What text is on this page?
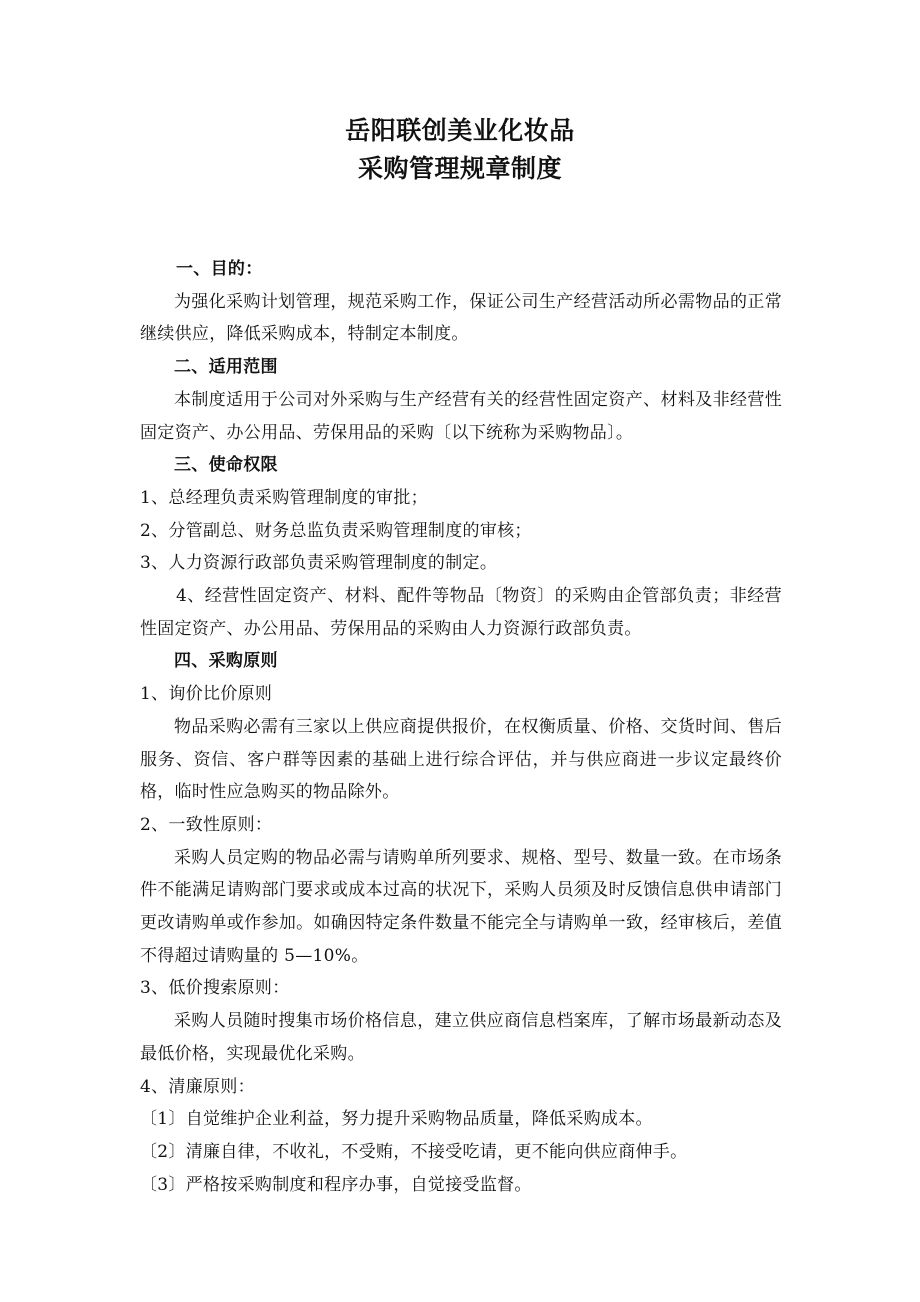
岳阳联创美业化妆品
采购管理规章制度

一、目的：

为强化采购计划管理，规范采购工作，保证公司生产经营活动所必需物品的正常继续供应，降低采购成本，特制定本制度。

二、适用范围

本制度适用于公司对外采购与生产经营有关的经营性固定资产、材料及非经营性固定资产、办公用品、劳保用品的采购〔以下统称为采购物品〕。

三、使命权限

1、总经理负责采购管理制度的审批；

2、分管副总、财务总监负责采购管理制度的审核；

3、人力资源行政部负责采购管理制度的制定。

4、经营性固定资产、材料、配件等物品〔物资〕的采购由企管部负责；非经营性固定资产、办公用品、劳保用品的采购由人力资源行政部负责。

四、采购原则

1、询价比价原则

物品采购必需有三家以上供应商提供报价，在权衡质量、价格、交货时间、售后服务、资信、客户群等因素的基础上进行综合评估，并与供应商进一步议定最终价格，临时性应急购买的物品除外。

2、一致性原则：

采购人员定购的物品必需与请购单所列要求、规格、型号、数量一致。在市场条件不能满足请购部门要求或成本过高的状况下，采购人员须及时反馈信息供申请部门更改请购单或作参加。如确因特定条件数量不能完全与请购单一致，经审核后，差值不得超过请购量的 5—10%。

3、低价搜索原则：

采购人员随时搜集市场价格信息，建立供应商信息档案库，了解市场最新动态及最低价格，实现最优化采购。

4、清廉原则：

〔1〕自觉维护企业利益，努力提升采购物品质量，降低采购成本。

〔2〕清廉自律，不收礼，不受贿，不接受吃请，更不能向供应商伸手。

〔3〕严格按采购制度和程序办事，自觉接受监督。
